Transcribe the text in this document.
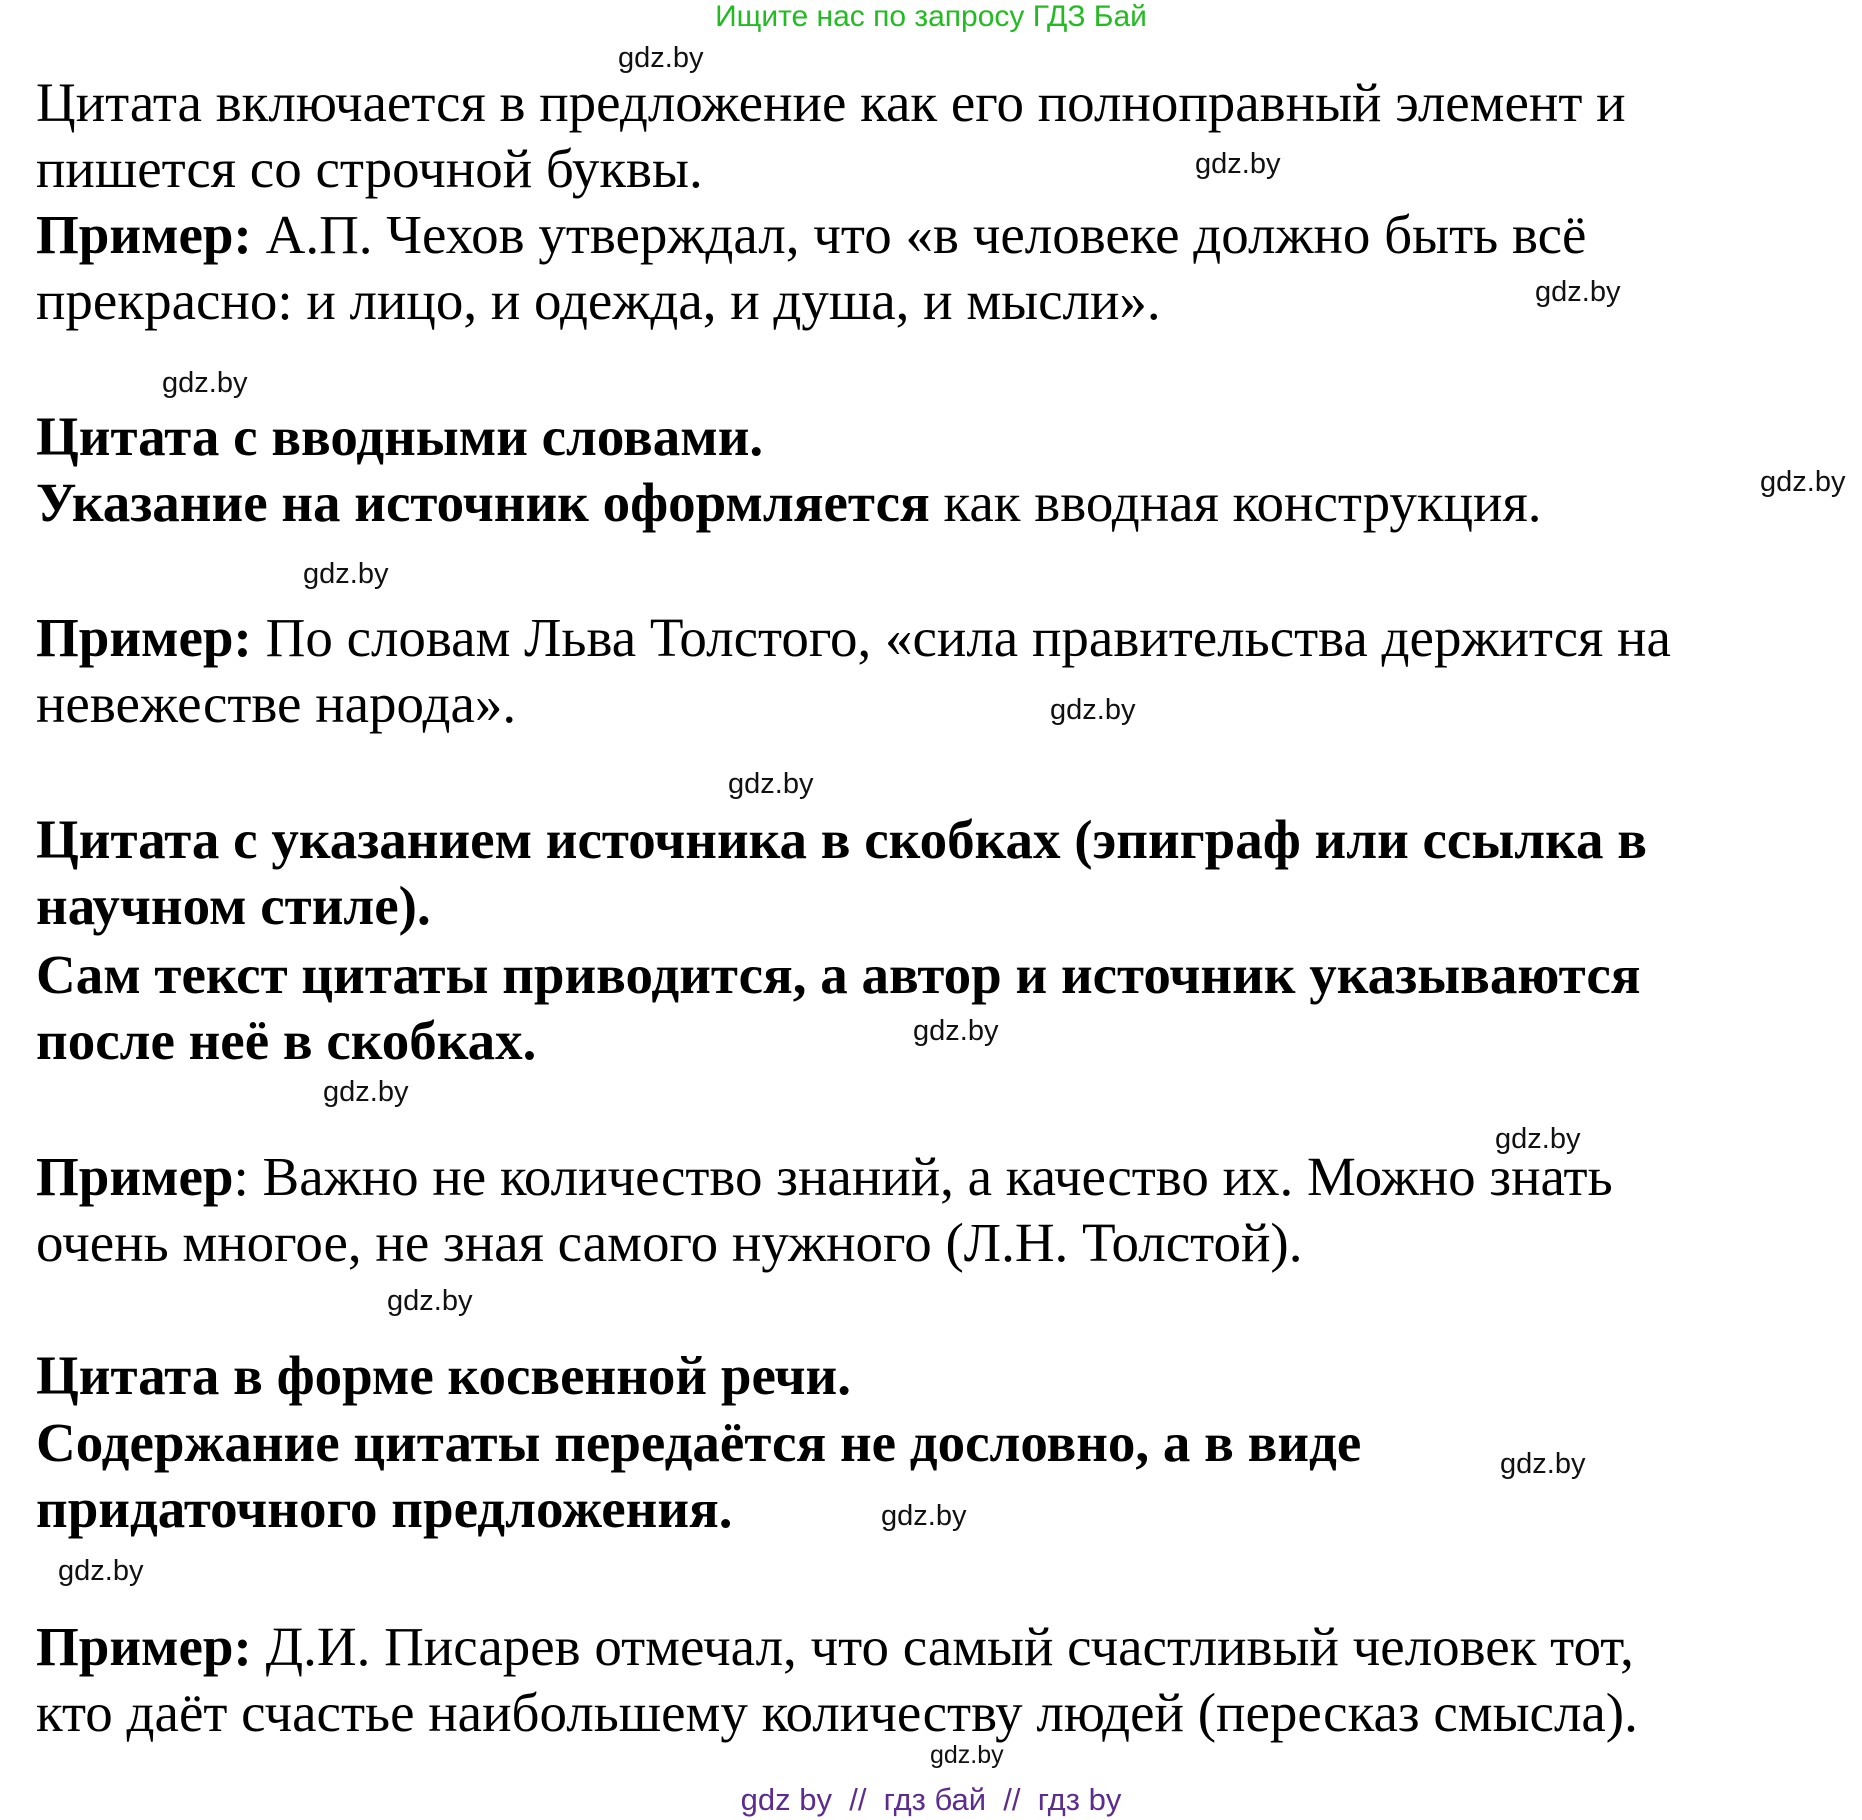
Ищите нас по запросу ГДЗ Бай
gdz.by
Цитата включается в предложение как его полноправный элемент и
пишется со строчной буквы.	gdz.by
Пример: А.П. Чехов утверждал, что «в человеке должно быть всё
прекрасно: и лицо, и одежда, и душа, и мысли».	gdz.by
gdz.by
Цитата с вводными словами.
Указание на источник оформляется как вводная конструкция.	gdz.by
gdz.by
Пример: По словам Льва Толстого, «сила правительства держится на
невежестве народа».	gdz.by
gdz.by
Цитата с указанием источника в скобках (эпиграф или ссылка в
научном стиле).
Сам текст цитаты приводится, а автор и источник указываются
после неё в скобках.	gdz.by
gdz.by
gdz.by
Пример: Важно не количество знаний, а качество их. Можно знать
очень многое, не зная самого нужного (Л.Н. Толстой).
gdz.by
Цитата в форме косвенной речи.
Содержание цитаты передаётся не дословно, а в виде	gdz.by
придаточного предложения.	gdz.by
gdz.by
Пример: Д.И. Писарев отмечал, что самый счастливый человек тот,
кто даёт счастье наибольшему количеству людей (пересказ смысла).
gdz.by
gdz by  //  гдз бай  //  гдз by
